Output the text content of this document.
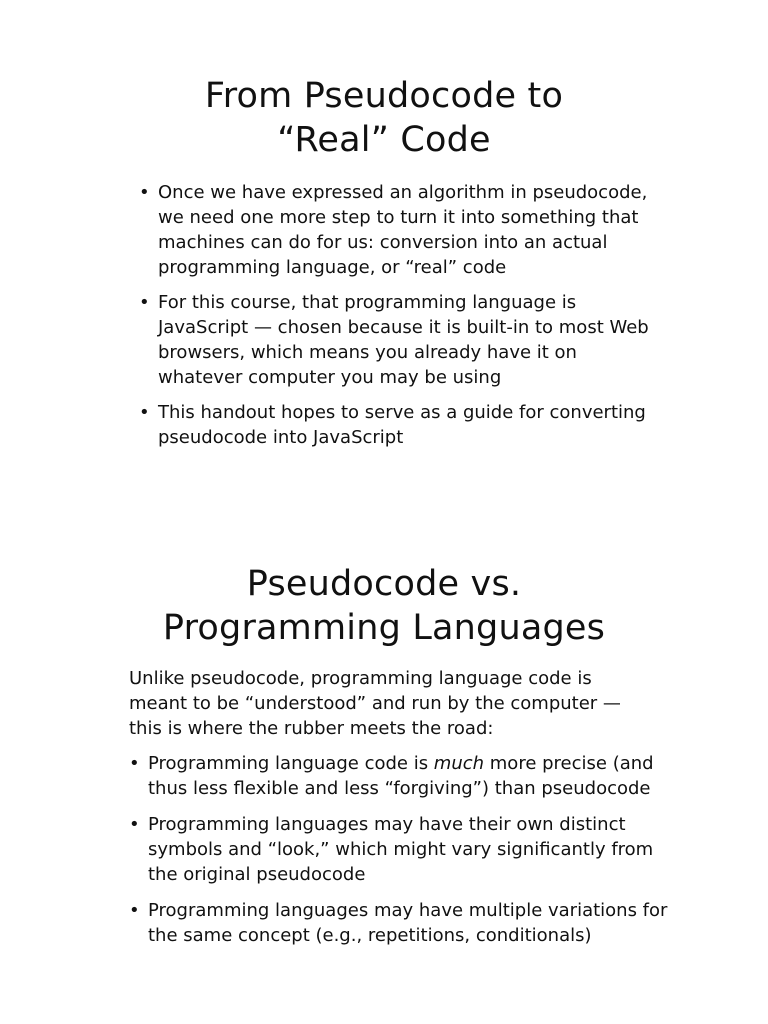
From Pseudocode to
“Real” Code
• Once we have expressed an algorithm in pseudocode, we need one more step to turn it into something that machines can do for us: conversion into an actual programming language, or “real” code
• For this course, that programming language is JavaScript — chosen because it is built-in to most Web browsers, which means you already have it on whatever computer you may be using
• This handout hopes to serve as a guide for converting pseudocode into JavaScript
Pseudocode vs.
Programming Languages

Unlike pseudocode, programming language code is meant to be “understood” and run by the computer — this is where the rubber meets the road:

• Programming language code is much more precise (and thus less flexible and less “forgiving”) than pseudocode
• Programming languages may have their own distinct symbols and “look,” which might vary significantly from the original pseudocode
• Programming languages may have multiple variations for the same concept (e.g., repetitions, conditionals)
